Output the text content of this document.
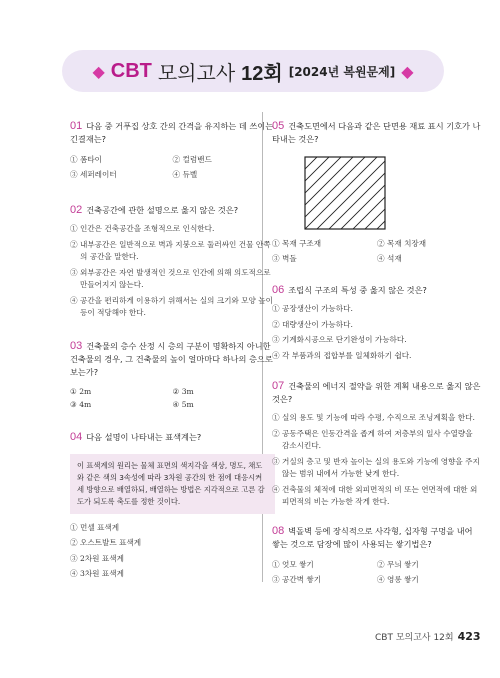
◆ CBT 모의고사 12회 [2024년 복원문제] ◆
01 다음 중 거푸집 상호 간의 간격을 유지하는 데 쓰이는 긴결재는?
① 폼타이	② 컬럼밴드
③ 세퍼레이터	④ 듀벨
02 건축공간에 관한 설명으로 옳지 않은 것은?
① 인간은 건축공간을 조형적으로 인식한다.
② 내부공간은 일반적으로 벽과 지붕으로 둘러싸인 건물 안쪽의 공간을 말한다.
③ 외부공간은 자연 발생적인 것으로 인간에 의해 의도적으로 만들어지지 않는다.
④ 공간을 편리하게 이용하기 위해서는 실의 크기와 모양 높이 등이 적당해야 한다.
03 건축물의 층수 산정 시 층의 구분이 명확하지 아니한 건축물의 경우, 그 건축물의 높이 얼마마다 하나의 층으로 보는가?
① 2m	② 3m
③ 4m	④ 5m
04 다음 설명이 나타내는 표색계는?
이 표색계의 원리는 물체 표면의 색지각을 색상, 명도, 채도와 같은 색의 3속성에 따라 3차원 공간의 한 점에 대응시켜 세 방향으로 배열하되, 배열하는 방법은 지각적으로 고른 감도가 되도록 축도를 정한 것이다.
① 먼셀 표색계
② 오스트발트 표색계
③ 2차원 표색계
④ 3차원 표색계
05 건축도면에서 다음과 같은 단면용 재료 표시 기호가 나타내는 것은?
① 목재 구조재	② 목재 치장재
③ 벽돌	④ 석재
06 조립식 구조의 특성 중 옳지 않은 것은?
① 공장생산이 가능하다.
② 대량생산이 가능하다.
③ 기계화시공으로 단기완성이 가능하다.
④ 각 부품과의 접합부를 일체화하기 쉽다.
07 건축물의 에너지 절약을 위한 계획 내용으로 옳지 않은 것은?
① 실의 용도 및 기능에 따라 수평, 수직으로 조닝계획을 한다.
② 공동주택은 인동간격을 좁게 하여 저층부의 일사 수열량을 감소시킨다.
③ 거실의 층고 및 반자 높이는 실의 용도와 기능에 영향을 주지 않는 범위 내에서 가능한 낮게 한다.
④ 건축물의 체적에 대한 외피면적의 비 또는 연면적에 대한 외피면적의 비는 가능한 작게 한다.
08 벽돌벽 등에 장식적으로 사각형, 십자형 구멍을 내어 쌓는 것으로 담장에 많이 사용되는 쌓기법은?
① 엇모 쌓기	② 무늬 쌓기
③ 공간벽 쌓기	④ 영롱 쌓기
CBT 모의고사 12회 423
